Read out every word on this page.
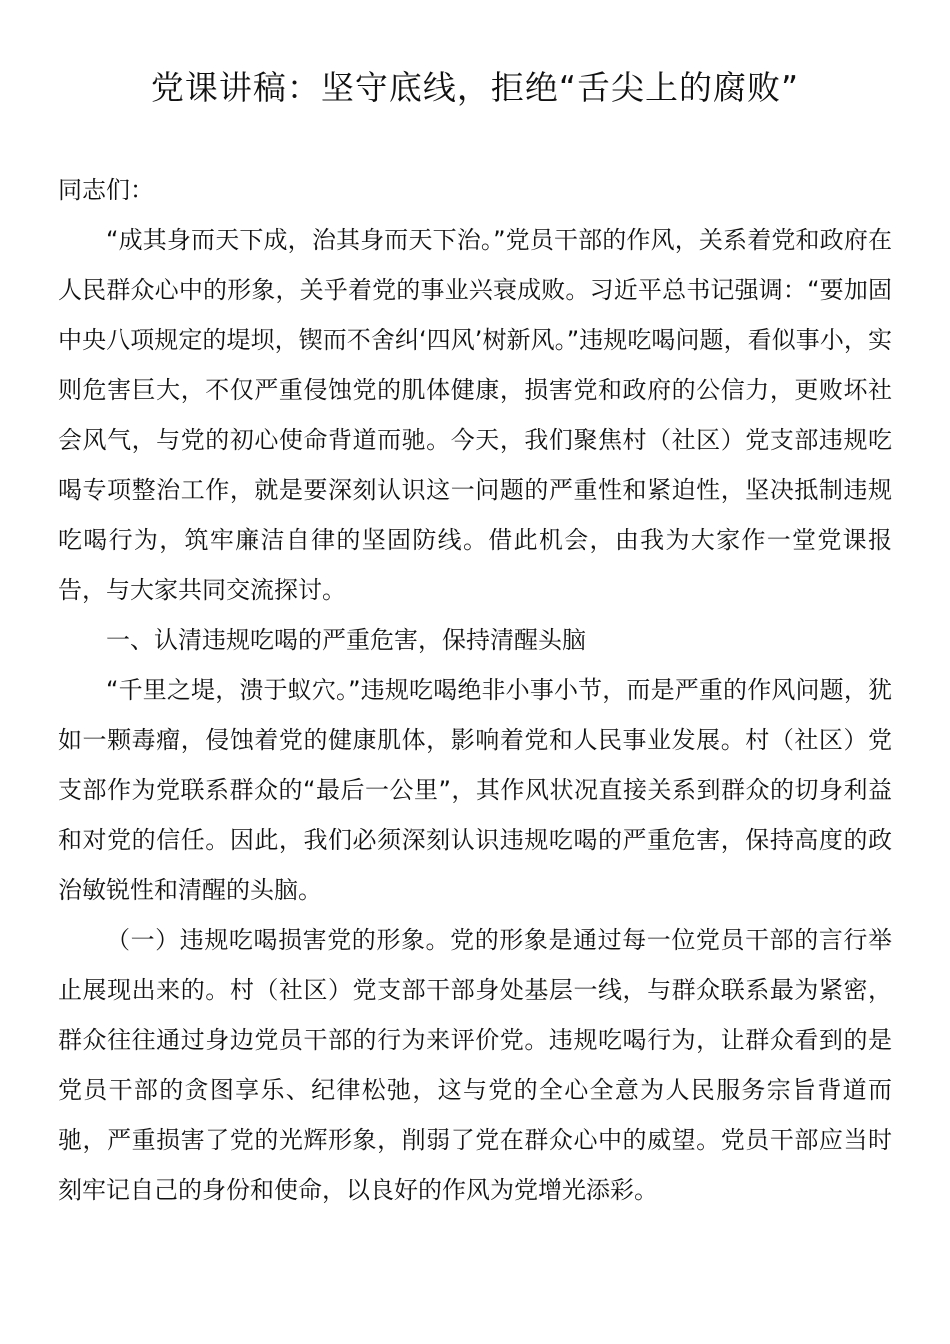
党课讲稿：坚守底线，拒绝“舌尖上的腐败”

同志们：

“成其身而天下成，治其身而天下治。”党员干部的作风，关系着党和政府在人民群众心中的形象，关乎着党的事业兴衰成败。习近平总书记强调：“要加固中央八项规定的堤坝，锲而不舍纠‘四风’树新风。”违规吃喝问题，看似事小，实则危害巨大，不仅严重侵蚀党的肌体健康，损害党和政府的公信力，更败坏社会风气，与党的初心使命背道而驰。今天，我们聚焦村（社区）党支部违规吃喝专项整治工作，就是要深刻认识这一问题的严重性和紧迫性，坚决抵制违规吃喝行为，筑牢廉洁自律的坚固防线。借此机会，由我为大家作一堂党课报告，与大家共同交流探讨。

一、认清违规吃喝的严重危害，保持清醒头脑

“千里之堤，溃于蚁穴。”违规吃喝绝非小事小节，而是严重的作风问题，犹如一颗毒瘤，侵蚀着党的健康肌体，影响着党和人民事业发展。村（社区）党支部作为党联系群众的“最后一公里”，其作风状况直接关系到群众的切身利益和对党的信任。因此，我们必须深刻认识违规吃喝的严重危害，保持高度的政治敏锐性和清醒的头脑。

（一）违规吃喝损害党的形象。党的形象是通过每一位党员干部的言行举止展现出来的。村（社区）党支部干部身处基层一线，与群众联系最为紧密，群众往往通过身边党员干部的行为来评价党。违规吃喝行为，让群众看到的是党员干部的贪图享乐、纪律松弛，这与党的全心全意为人民服务宗旨背道而驰，严重损害了党的光辉形象，削弱了党在群众心中的威望。党员干部应当时刻牢记自己的身份和使命，以良好的作风为党增光添彩。
